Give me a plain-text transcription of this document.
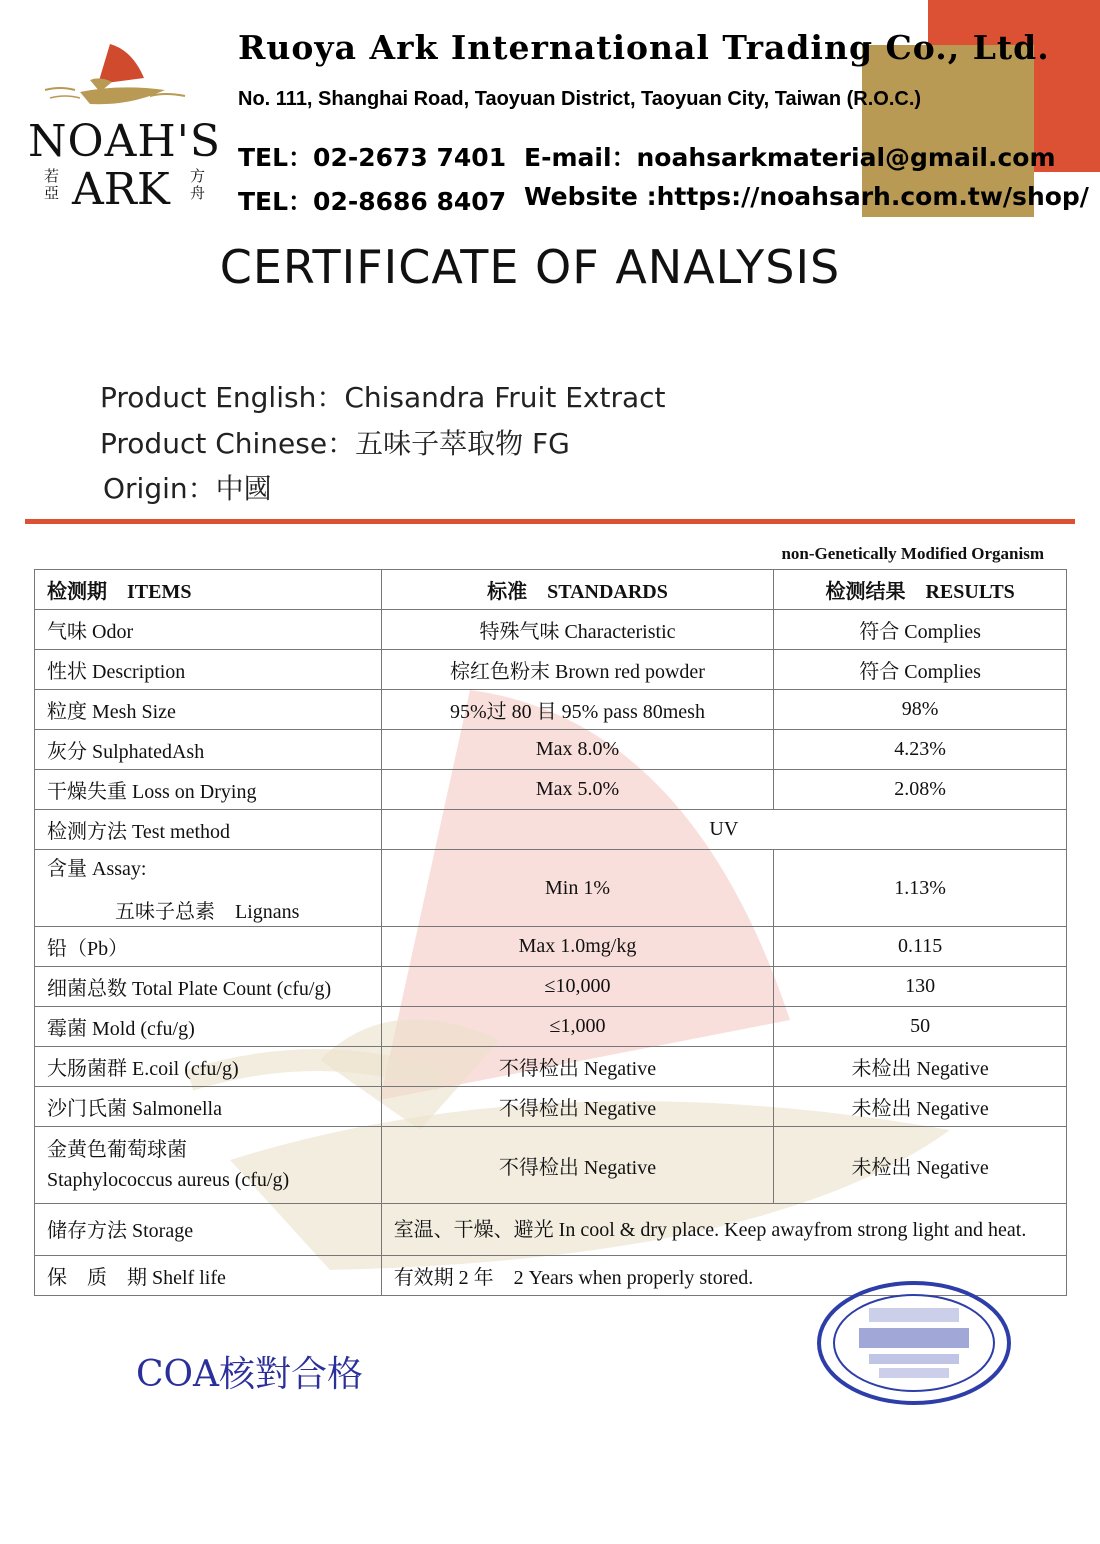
NOAH'S
ARK
若亞
方舟
Ruoya Ark International Trading Co., Ltd.
No. 111, Shanghai Road, Taoyuan District, Taoyuan City, Taiwan (R.O.C.)
TEL：02-2673 7401
TEL：02-8686 8407
E-mail：noahsarkmaterial@gmail.com
Website :https://noahsarh.com.tw/shop/
CERTIFICATE OF ANALYSIS
Product English：Chisandra Fruit Extract
Product Chinese：五味子萃取物 FG
Origin：中國
non-Genetically Modified Organism
检测期　ITEMS	标准　STANDARDS	检测结果　RESULTS
气味 Odor	特殊气味 Characteristic	符合 Complies
性状 Description	棕红色粉末 Brown red powder	符合 Complies
粒度 Mesh Size	95%过 80 目 95% pass 80mesh	98%
灰分 SulphatedAsh	Max 8.0%	4.23%
干燥失重 Loss on Drying	Max 5.0%	2.08%
检测方法 Test method	UV	
含量 Assay:
五味子总素　Lignans	Min 1%	1.13%
铅（Pb）	Max 1.0mg/kg	0.115
细菌总数 Total Plate Count (cfu/g)	≤10,000	130
霉菌 Mold (cfu/g)	≤1,000	50
大肠菌群 E.coil (cfu/g)	不得检出 Negative	未检出 Negative
沙门氏菌 Salmonella	不得检出 Negative	未检出 Negative

金黄色葡萄球菌
Staphylococcus aureus (cfu/g)	不得检出 Negative	未检出 Negative
储存方法 Storage	室温、干燥、避光 In cool & dry place. Keep awayfrom strong light and heat.	
保　质　期 Shelf life	有效期 2 年　2 Years when properly stored.	
COA核對合格
